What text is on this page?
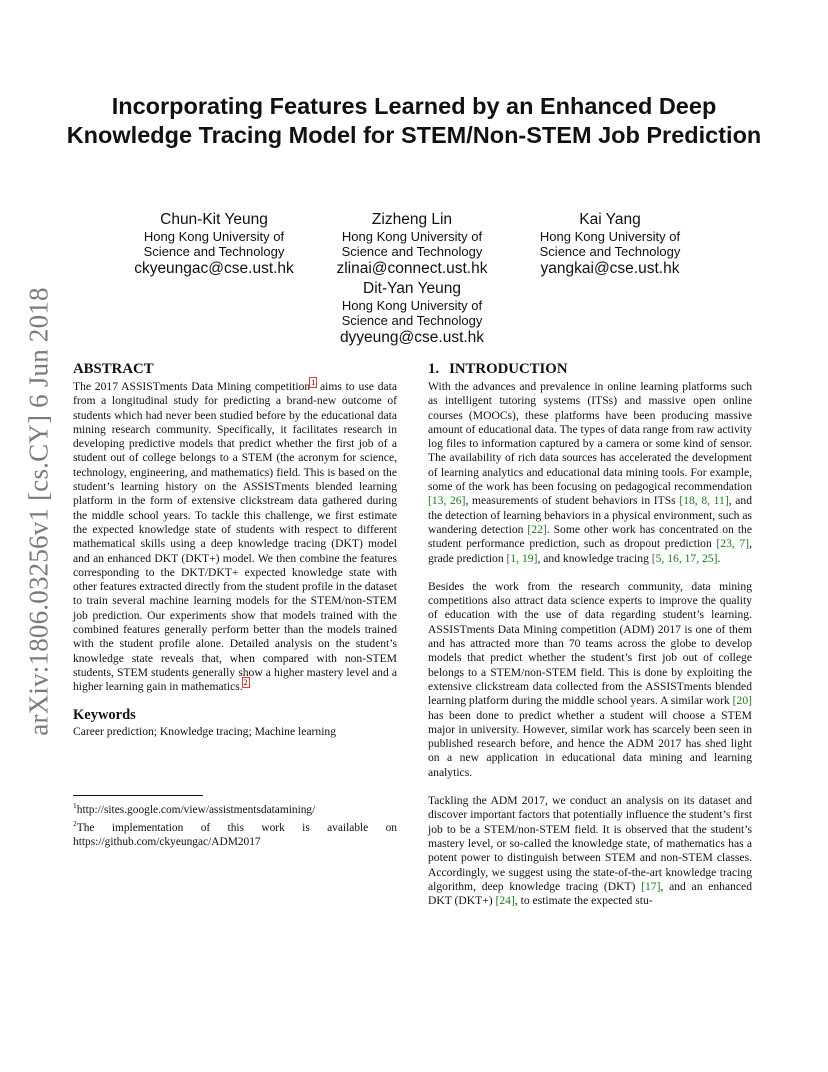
arXiv:1806.03256v1 [cs.CY] 6 Jun 2018
Incorporating Features Learned by an Enhanced Deep Knowledge Tracing Model for STEM/Non-STEM Job Prediction
Chun-Kit Yeung
Hong Kong University of
Science and Technology
ckyeungac@cse.ust.hk
Zizheng Lin
Hong Kong University of
Science and Technology
zlinai@connect.ust.hk
Kai Yang
Hong Kong University of
Science and Technology
yangkai@cse.ust.hk
Dit-Yan Yeung
Hong Kong University of
Science and Technology
dyyeung@cse.ust.hk
ABSTRACT

The 2017 ASSISTments Data Mining competition$^1$ aims to use data from a longitudinal study for predicting a brand-new outcome of students which had never been studied before by the educational data mining research community. Specifically, it facilitates research in developing predictive models that predict whether the first job of a student out of college belongs to a STEM (the acronym for science, technology, engineering, and mathematics) field. This is based on the student’s learning history on the ASSISTments blended learning platform in the form of extensive clickstream data gathered during the middle school years. To tackle this challenge, we first estimate the expected knowledge state of students with respect to different mathematical skills using a deep knowledge tracing (DKT) model and an enhanced DKT (DKT+) model. We then combine the features corresponding to the DKT/DKT+ expected knowledge state with other features extracted directly from the student profile in the dataset to train several machine learning models for the STEM/non-STEM job prediction. Our experiments show that models trained with the combined features generally perform better than the models trained with the student profile alone. Detailed analysis on the student’s knowledge state reveals that, when compared with non-STEM students, STEM students generally show a higher mastery level and a higher learning gain in mathematics.$^2$

Keywords

Career prediction; Knowledge tracing; Machine learning

$^1$http://sites.google.com/view/assistmentsdatamining/

$^2$The implementation of this work is available on https://github.com/ckyeungac/ADM2017

1. INTRODUCTION

With the advances and prevalence in online learning platforms such as intelligent tutoring systems (ITSs) and massive open online courses (MOOCs), these platforms have been producing massive amount of educational data. The types of data range from raw activity log files to information captured by a camera or some kind of sensor. The availability of rich data sources has accelerated the development of learning analytics and educational data mining tools. For example, some of the work has been focusing on pedagogical recommendation [13, 26], measurements of student behaviors in ITSs [18, 8, 11], and the detection of learning behaviors in a physical environment, such as wandering detection [22]. Some other work has concentrated on the student performance prediction, such as dropout prediction [23, 7], grade prediction [1, 19], and knowledge tracing [5, 16, 17, 25].

Besides the work from the research community, data mining competitions also attract data science experts to improve the quality of education with the use of data regarding student’s learning. ASSISTments Data Mining competition (ADM) 2017 is one of them and has attracted more than 70 teams across the globe to develop models that predict whether the student’s first job out of college belongs to a STEM/non-STEM field. This is done by exploiting the extensive clickstream data collected from the ASSISTments blended learning platform during the middle school years. A similar work [20] has been done to predict whether a student will choose a STEM major in university. However, similar work has scarcely been seen in published research before, and hence the ADM 2017 has shed light on a new application in educational data mining and learning analytics.

Tackling the ADM 2017, we conduct an analysis on its dataset and discover important factors that potentially influence the student’s first job to be a STEM/non-STEM field. It is observed that the student’s mastery level, or so-called the knowledge state, of mathematics has a potent power to distinguish between STEM and non-STEM classes. Accordingly, we suggest using the state-of-the-art knowledge tracing algorithm, deep knowledge tracing (DKT) [17], and an enhanced DKT (DKT+) [24], to estimate the expected stu-
